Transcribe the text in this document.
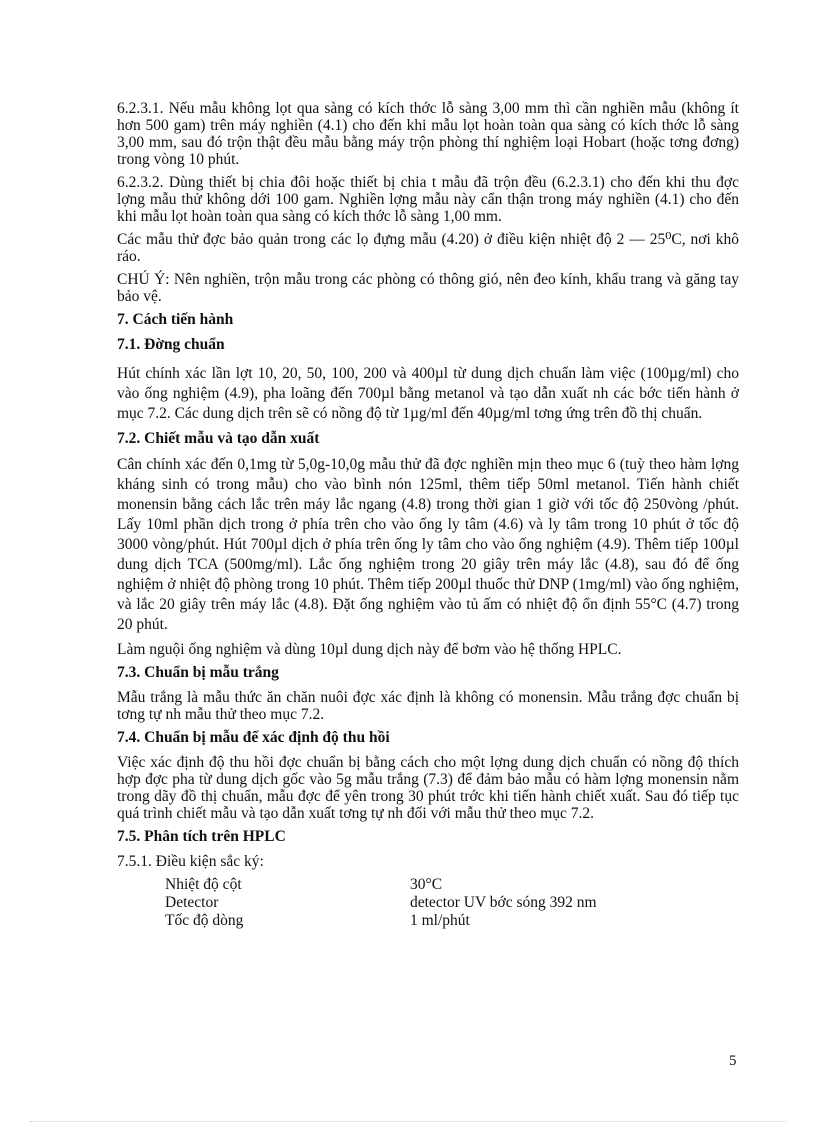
6.2.3.1. Nếu mẫu không lọt qua sàng có kích thớc lỗ sàng 3,00 mm thì cần nghiền mẫu (không ít hơn 500 gam) trên máy nghiền (4.1) cho đến khi mẫu lọt hoàn toàn qua sàng có kích thớc lỗ sàng 3,00 mm, sau đó trộn thật đều mẫu bằng máy trộn phòng thí nghiệm loại Hobart (hoặc tơng đơng) trong vòng 10 phút.

6.2.3.2. Dùng thiết bị chia đôi hoặc thiết bị chia t mẫu đã trộn đều (6.2.3.1) cho đến khi thu đợc lợng mẫu thử không dới 100 gam. Nghiền lợng mẫu này cẩn thận trong máy nghiền (4.1) cho đến khi mẫu lọt hoàn toàn qua sàng có kích thớc lỗ sàng 1,00 mm.

Các mẫu thử đợc bảo quản trong các lọ đựng mẫu (4.20) ở điều kiện nhiệt độ 2 — 25⁰C, nơi khô ráo.

CHÚ Ý: Nên nghiền, trộn mẫu trong các phòng có thông gió, nên đeo kính, khẩu trang và găng tay bảo vệ.

7. Cách tiến hành
7.1. Đờng chuẩn

Hút chính xác lần lợt 10, 20, 50, 100, 200 và 400µl từ dung dịch chuẩn làm việc (100µg/ml) cho vào ống nghiệm (4.9), pha loãng đến 700µl bằng metanol và tạo dẫn xuất nh các bớc tiến hành ở mục 7.2. Các dung dịch trên sẽ có nồng độ từ 1µg/ml đến 40µg/ml tơng ứng trên đồ thị chuẩn.

7.2. Chiết mẫu và tạo dẫn xuất

Cân chính xác đến 0,1mg từ 5,0g-10,0g mẫu thử đã đợc nghiền mịn theo mục 6 (tuỳ theo hàm lợng kháng sinh có trong mẫu) cho vào bình nón 125ml, thêm tiếp 50ml metanol. Tiến hành chiết monensin bằng cách lắc trên máy lắc ngang (4.8) trong thời gian 1 giờ với tốc độ 250vòng /phút. Lấy 10ml phần dịch trong ở phía trên cho vào ống ly tâm (4.6) và ly tâm trong 10 phút ở tốc độ 3000 vòng/phút. Hút 700µl dịch ở phía trên ống ly tâm cho vào ống nghiệm (4.9). Thêm tiếp 100µl dung dịch TCA (500mg/ml). Lắc ống nghiệm trong 20 giây trên máy lắc (4.8), sau đó để ống nghiệm ở nhiệt độ phòng trong 10 phút. Thêm tiếp 200µl thuốc thử DNP (1mg/ml) vào ống nghiệm, và lắc 20 giây trên máy lắc (4.8). Đặt ống nghiệm vào tủ ấm có nhiệt độ ổn định 55°C (4.7) trong 20 phút.

Làm nguội ống nghiệm và dùng 10µl dung dịch này để bơm vào hệ thống HPLC.

7.3. Chuẩn bị mẫu trắng

Mẫu trắng là mẫu thức ăn chăn nuôi đợc xác định là không có monensin. Mẫu trắng đợc chuẩn bị tơng tự nh mẫu thử theo mục 7.2.

7.4. Chuẩn bị mẫu để xác định độ thu hồi

Việc xác định độ thu hồi đợc chuẩn bị bằng cách cho một lợng dung dịch chuẩn có nồng độ thích hợp đợc pha từ dung dịch gốc vào 5g mẫu trắng (7.3) để đảm bảo mẫu có hàm lợng monensin nằm trong dãy đồ thị chuẩn, mẫu đợc để yên trong 30 phút trớc khi tiến hành chiết xuất. Sau đó tiếp tục quá trình chiết mẫu và tạo dẫn xuất tơng tự nh đối với mẫu thử theo mục 7.2.

7.5. Phân tích trên HPLC

7.5.1. Điều kiện sắc ký:

Nhiệt độ cột	30°C
Detector	detector UV bớc sóng 392 nm
Tốc độ dòng	1 ml/phút
5
